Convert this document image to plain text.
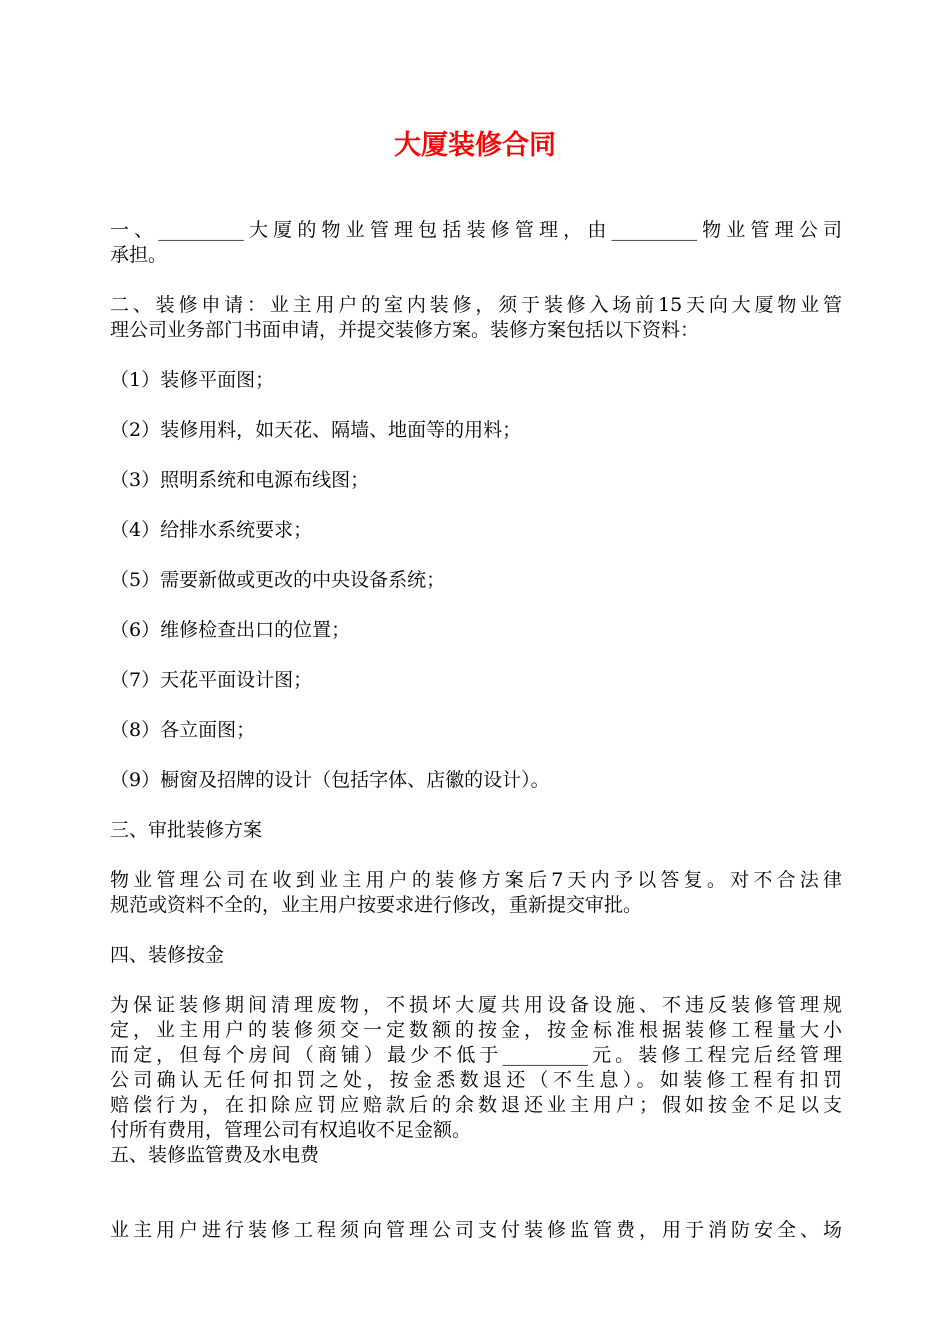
大厦装修合同

一、_________大厦的物业管理包括装修管理，由_________物业管理公司
承担。

二、装修申请：业主用户的室内装修，须于装修入场前15天向大厦物业管
理公司业务部门书面申请，并提交装修方案。装修方案包括以下资料：

（1）装修平面图；

（2）装修用料，如天花、隔墙、地面等的用料；

（3）照明系统和电源布线图；

（4）给排水系统要求；

（5）需要新做或更改的中央设备系统；

（6）维修检查出口的位置；

（7）天花平面设计图；

（8）各立面图；

（9）橱窗及招牌的设计（包括字体、店徽的设计）。

三、审批装修方案

物业管理公司在收到业主用户的装修方案后7天内予以答复。对不合法律
规范或资料不全的，业主用户按要求进行修改，重新提交审批。

四、装修按金

为保证装修期间清理废物，不损坏大厦共用设备设施、不违反装修管理规
定，业主用户的装修须交一定数额的按金，按金标准根据装修工程量大小
而定，但每个房间（商铺）最少不低于_________元。装修工程完后经管理
公司确认无任何扣罚之处，按金悉数退还（不生息）。如装修工程有扣罚
赔偿行为，在扣除应罚应赔款后的余数退还业主用户；假如按金不足以支
付所有费用，管理公司有权追收不足金额。

五、装修监管费及水电费

业主用户进行装修工程须向管理公司支付装修监管费，用于消防安全、场
